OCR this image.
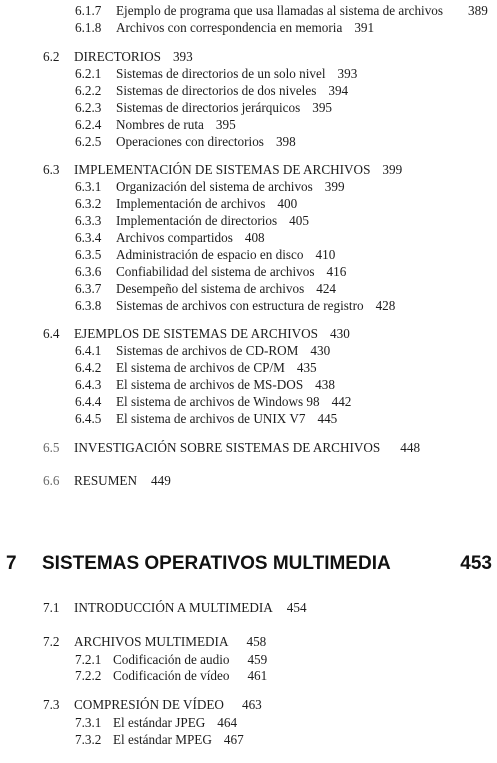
6.1.7 Ejemplo de programa que usa llamadas al sistema de archivos 389
6.1.8 Archivos con correspondencia en memoria 391
6.2 DIRECTORIOS 393
6.2.1 Sistemas de directorios de un solo nivel 393
6.2.2 Sistemas de directorios de dos niveles 394
6.2.3 Sistemas de directorios jerárquicos 395
6.2.4 Nombres de ruta 395
6.2.5 Operaciones con directorios 398
6.3 IMPLEMENTACIÓN DE SISTEMAS DE ARCHIVOS 399
6.3.1 Organización del sistema de archivos 399
6.3.2 Implementación de archivos 400
6.3.3 Implementación de directorios 405
6.3.4 Archivos compartidos 408
6.3.5 Administración de espacio en disco 410
6.3.6 Confiabilidad del sistema de archivos 416
6.3.7 Desempeño del sistema de archivos 424
6.3.8 Sistemas de archivos con estructura de registro 428
6.4 EJEMPLOS DE SISTEMAS DE ARCHIVOS 430
6.4.1 Sistemas de archivos de CD-ROM 430
6.4.2 El sistema de archivos de CP/M 435
6.4.3 El sistema de archivos de MS-DOS 438
6.4.4 El sistema de archivos de Windows 98 442
6.4.5 El sistema de archivos de UNIX V7 445
6.5 INVESTIGACIÓN SOBRE SISTEMAS DE ARCHIVOS 448
6.6 RESUMEN 449
7 SISTEMAS OPERATIVOS MULTIMEDIA	453
7.1 INTRODUCCIÓN A MULTIMEDIA 454
7.2 ARCHIVOS MULTIMEDIA 458
7.2.1 Codificación de audio 459
7.2.2 Codificación de vídeo 461
7.3 COMPRESIÓN DE VÍDEO 463
7.3.1 El estándar JPEG 464
7.3.2 El estándar MPEG 467
